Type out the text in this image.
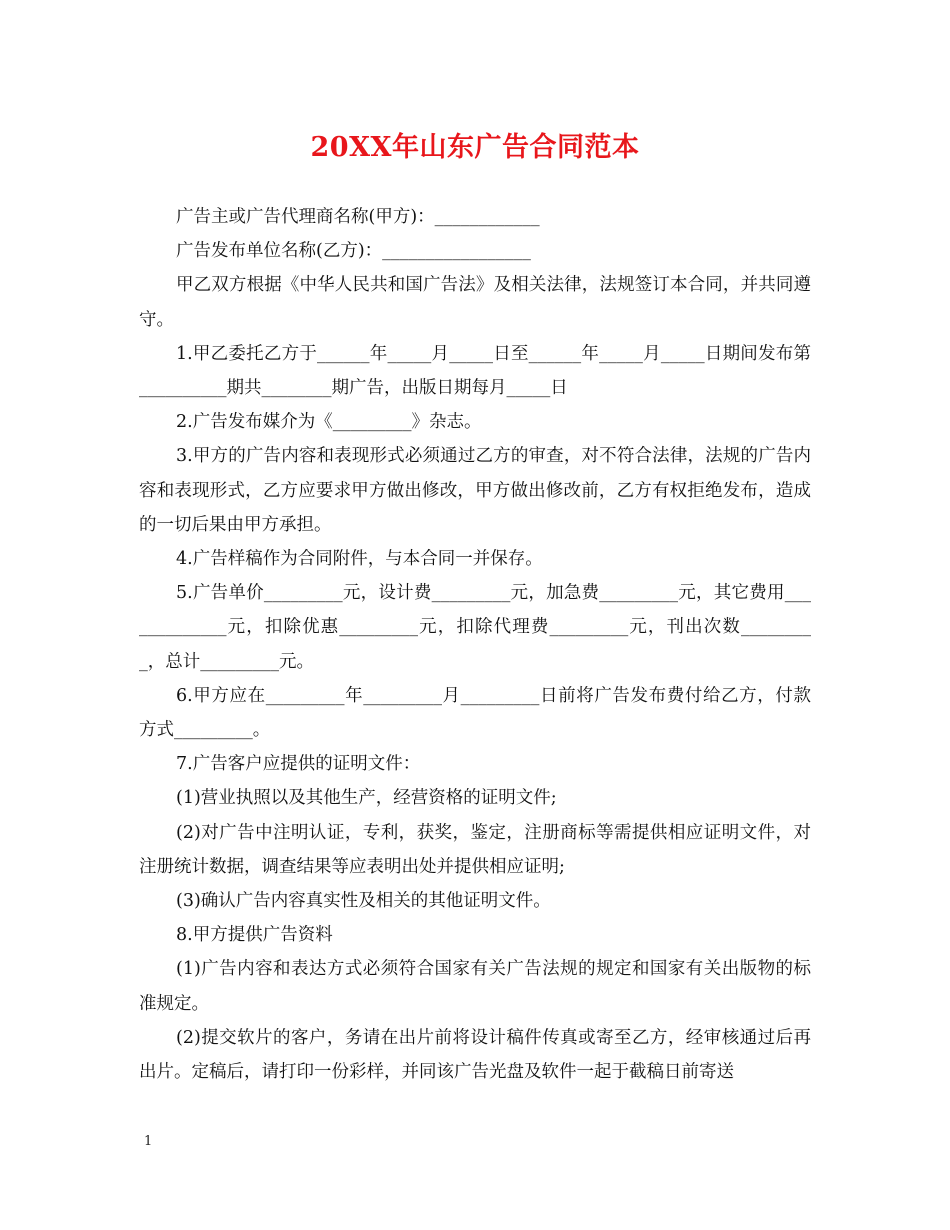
20XX年山东广告合同范本

广告主或广告代理商名称(甲方)：____________

广告发布单位名称(乙方)：_________________

甲乙双方根据《中华人民共和国广告法》及相关法律，法规签订本合同，并共同遵守。

1.甲乙委托乙方于______年_____月_____日至______年_____月_____日期间发布第__________期共________期广告，出版日期每月_____日

2.广告发布媒介为《_________》杂志。

3.甲方的广告内容和表现形式必须通过乙方的审查，对不符合法律，法规的广告内容和表现形式，乙方应要求甲方做出修改，甲方做出修改前，乙方有权拒绝发布，造成的一切后果由甲方承担。

4.广告样稿作为合同附件，与本合同一并保存。

5.广告单价_________元，设计费_________元，加急费_________元，其它费用_____________元，扣除优惠_________元，扣除代理费_________元，刊出次数_________，总计_________元。

6.甲方应在_________年_________月_________日前将广告发布费付给乙方，付款方式_________。

7.广告客户应提供的证明文件：

(1)营业执照以及其他生产，经营资格的证明文件;

(2)对广告中注明认证，专利，获奖，鉴定，注册商标等需提供相应证明文件，对注册统计数据，调查结果等应表明出处并提供相应证明;

(3)确认广告内容真实性及相关的其他证明文件。

8.甲方提供广告资料

(1)广告内容和表达方式必须符合国家有关广告法规的规定和国家有关出版物的标准规定。

(2)提交软片的客户，务请在出片前将设计稿件传真或寄至乙方，经审核通过后再出片。定稿后，请打印一份彩样，并同该广告光盘及软件一起于截稿日前寄送

1
